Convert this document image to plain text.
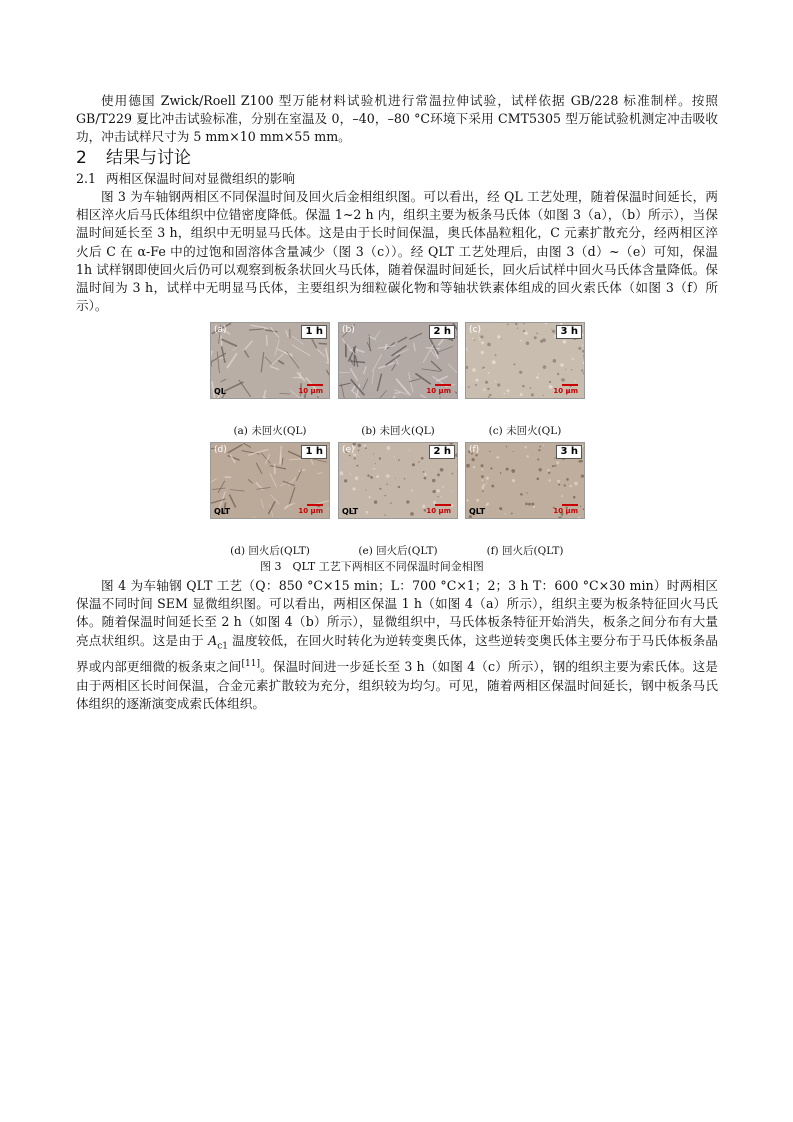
使用德国 Zwick/Roell Z100 型万能材料试验机进行常温拉伸试验，试样依据 GB/228 标准制样。按照 GB/T229 夏比冲击试验标准，分别在室温及 0，–40，–80 °C环境下采用 CMT5305 型万能试验机测定冲击吸收功，冲击试样尺寸为 5 mm×10 mm×55 mm。

2 结果与讨论
2.1 两相区保温时间对显微组织的影响

图 3 为车轴钢两相区不同保温时间及回火后金相组织图。可以看出，经 QL 工艺处理，随着保温时间延长，两相区淬火后马氏体组织中位错密度降低。保温 1~2 h 内，组织主要为板条马氏体（如图 3（a），（b）所示），当保温时间延长至 3 h，组织中无明显马氏体。这是由于长时间保温，奥氏体晶粒粗化，C 元素扩散充分，经两相区淬火后 C 在 α-Fe 中的过饱和固溶体含量减少（图 3（c））。经 QLT 工艺处理后，由图 3（d）~（e）可知，保温 1h 试样钢即使回火后仍可以观察到板条状回火马氏体，随着保温时间延长，回火后试样中回火马氏体含量降低。保温时间为 3 h，试样中无明显马氏体，主要组织为细粒碳化物和等轴状铁素体组成的回火索氏体（如图 3（f）所示）。

(a)	1 h
QL	10 μm
(b)	2 h
10 μm
(c)	3 h
10 μm
(d)	1 h
QLT	10 μm
(e)	2 h
QLT	10 μm
(f)	3 h
QLT	10 μm
(a) 未回火(QL)	(b) 未回火(QL)	(c) 未回火(QL)
(d) 回火后(QLT)	(e) 回火后(QLT)	(f) 回火后(QLT)
图 3　QLT 工艺下两相区不同保温时间金相图

图 4 为车轴钢 QLT 工艺（Q：850 °C×15 min；L：700 °C×1；2；3 h T：600 °C×30 min）时两相区保温不同时间 SEM 显微组织图。可以看出，两相区保温 1 h（如图 4（a）所示），组织主要为板条特征回火马氏体。随着保温时间延长至 2 h（如图 4（b）所示），显微组织中，马氏体板条特征开始消失，板条之间分布有大量亮点状组织。这是由于 $A_{c1}$ 温度较低，在回火时转化为逆转变奥氏体，这些逆转变奥氏体主要分布于马氏体板条晶界或内部更细微的板条束之间[11]。保温时间进一步延长至 3 h（如图 4（c）所示），钢的组织主要为索氏体。这是由于两相区长时间保温，合金元素扩散较为充分，组织较为均匀。可见，随着两相区保温时间延长，钢中板条马氏体组织的逐渐演变成索氏体组织。
